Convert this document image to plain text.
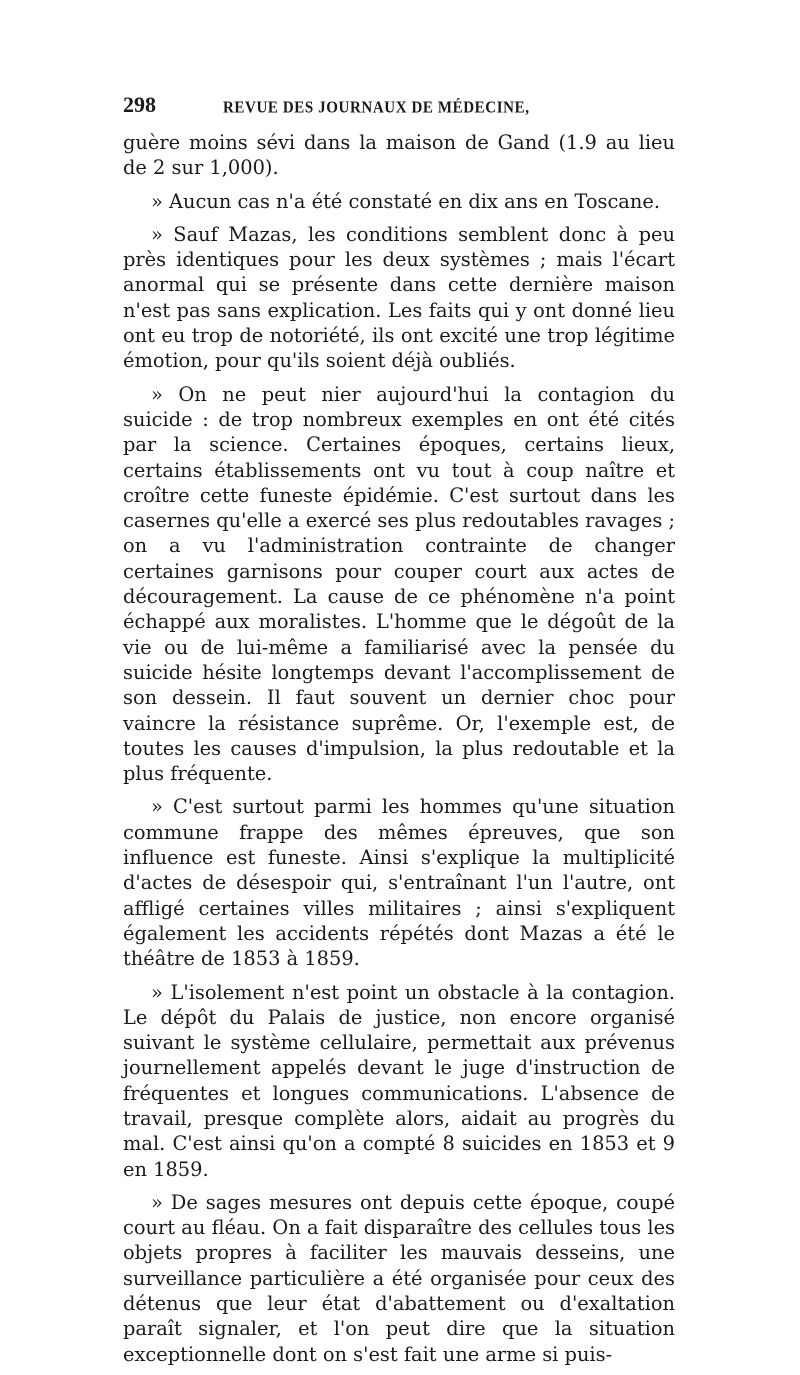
298	REVUE DES JOURNAUX DE MÉDECINE,

guère moins sévi dans la maison de Gand (1.9 au lieu de 2 sur 1,000).

» Aucun cas n'a été constaté en dix ans en Toscane.

» Sauf Mazas, les conditions semblent donc à peu près identiques pour les deux systèmes ; mais l'écart anormal qui se présente dans cette dernière maison n'est pas sans explication. Les faits qui y ont donné lieu ont eu trop de notoriété, ils ont excité une trop légitime émotion, pour qu'ils soient déjà oubliés.

» On ne peut nier aujourd'hui la contagion du suicide : de trop nombreux exemples en ont été cités par la science. Certaines époques, certains lieux, certains établissements ont vu tout à coup naître et croître cette funeste épidémie. C'est surtout dans les casernes qu'elle a exercé ses plus redoutables ravages ; on a vu l'administration contrainte de changer certaines garnisons pour couper court aux actes de découragement. La cause de ce phénomène n'a point échappé aux moralistes. L'homme que le dégoût de la vie ou de lui-même a familiarisé avec la pensée du suicide hésite longtemps devant l'accomplissement de son dessein. Il faut souvent un dernier choc pour vaincre la résistance suprême. Or, l'exemple est, de toutes les causes d'impulsion, la plus redoutable et la plus fréquente.

» C'est surtout parmi les hommes qu'une situation commune frappe des mêmes épreuves, que son influence est funeste. Ainsi s'explique la multiplicité d'actes de désespoir qui, s'entraînant l'un l'autre, ont affligé certaines villes militaires ; ainsi s'expliquent également les accidents répétés dont Mazas a été le théâtre de 1853 à 1859.

» L'isolement n'est point un obstacle à la contagion. Le dépôt du Palais de justice, non encore organisé suivant le système cellulaire, permettait aux prévenus journellement appelés devant le juge d'instruction de fréquentes et longues communications. L'absence de travail, presque complète alors, aidait au progrès du mal. C'est ainsi qu'on a compté 8 suicides en 1853 et 9 en 1859.

» De sages mesures ont depuis cette époque, coupé court au fléau. On a fait disparaître des cellules tous les objets propres à faciliter les mauvais desseins, une surveillance particulière a été organisée pour ceux des détenus que leur état d'abattement ou d'exaltation paraît signaler, et l'on peut dire que la situation exceptionnelle dont on s'est fait une arme si puis-
